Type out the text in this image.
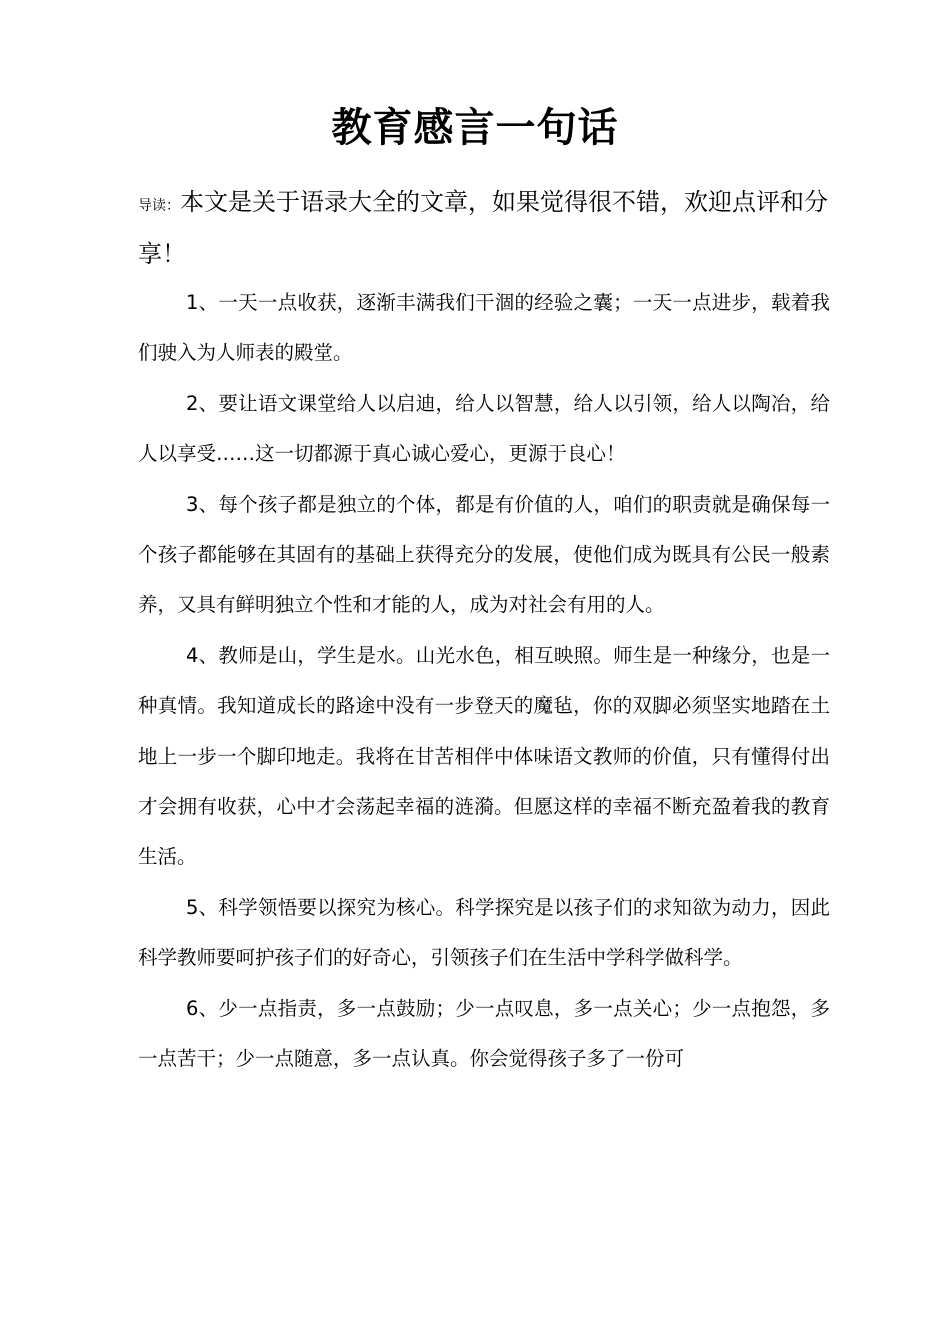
教育感言一句话
导读：本文是关于语录大全的文章，如果觉得很不错，欢迎点评和分享！

1、一天一点收获，逐渐丰满我们干涸的经验之囊；一天一点进步，载着我们驶入为人师表的殿堂。

2、要让语文课堂给人以启迪，给人以智慧，给人以引领，给人以陶冶，给人以享受……这一切都源于真心诚心爱心，更源于良心！

3、每个孩子都是独立的个体，都是有价值的人，咱们的职责就是确保每一个孩子都能够在其固有的基础上获得充分的发展，使他们成为既具有公民一般素养，又具有鲜明独立个性和才能的人，成为对社会有用的人。

4、教师是山，学生是水。山光水色，相互映照。师生是一种缘分，也是一种真情。我知道成长的路途中没有一步登天的魔毡，你的双脚必须坚实地踏在土地上一步一个脚印地走。我将在甘苦相伴中体味语文教师的价值，只有懂得付出才会拥有收获，心中才会荡起幸福的涟漪。但愿这样的幸福不断充盈着我的教育生活。

5、科学领悟要以探究为核心。科学探究是以孩子们的求知欲为动力，因此科学教师要呵护孩子们的好奇心，引领孩子们在生活中学科学做科学。

6、少一点指责，多一点鼓励；少一点叹息，多一点关心；少一点抱怨，多一点苦干；少一点随意，多一点认真。你会觉得孩子多了一份可
